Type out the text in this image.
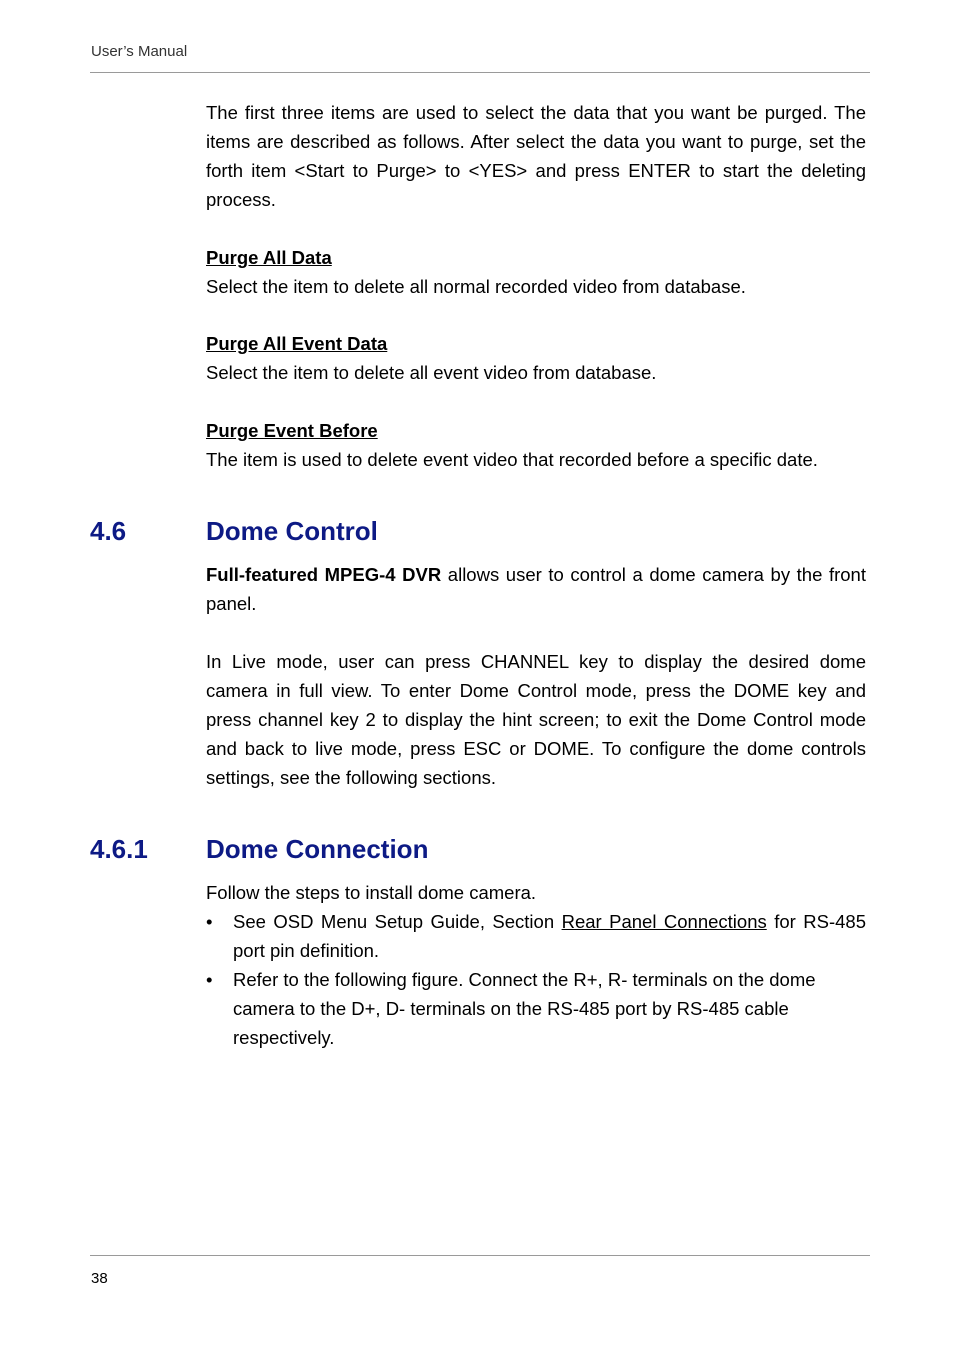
User’s Manual
The first three items are used to select the data that you want be purged. The items are described as follows. After select the data you want to purge, set the forth item <Start to Purge> to <YES> and press ENTER to start the deleting process.
Purge All Data
Select the item to delete all normal recorded video from database.
Purge All Event Data
Select the item to delete all event video from database.
Purge Event Before
The item is used to delete event video that recorded before a specific date.
4.6	Dome Control
Full-featured MPEG-4 DVR allows user to control a dome camera by the front panel.
In Live mode, user can press CHANNEL key to display the desired dome camera in full view. To enter Dome Control mode, press the DOME key and press channel key 2 to display the hint screen; to exit the Dome Control mode and back to live mode, press ESC or DOME. To configure the dome controls settings, see the following sections.
4.6.1 Dome Connection
Follow the steps to install dome camera.
• See OSD Menu Setup Guide, Section Rear Panel Connections for RS-485 port pin definition.
• Refer to the following figure. Connect the R+, R- terminals on the dome camera to the D+, D- terminals on the RS-485 port by RS-485 cable respectively.
38
